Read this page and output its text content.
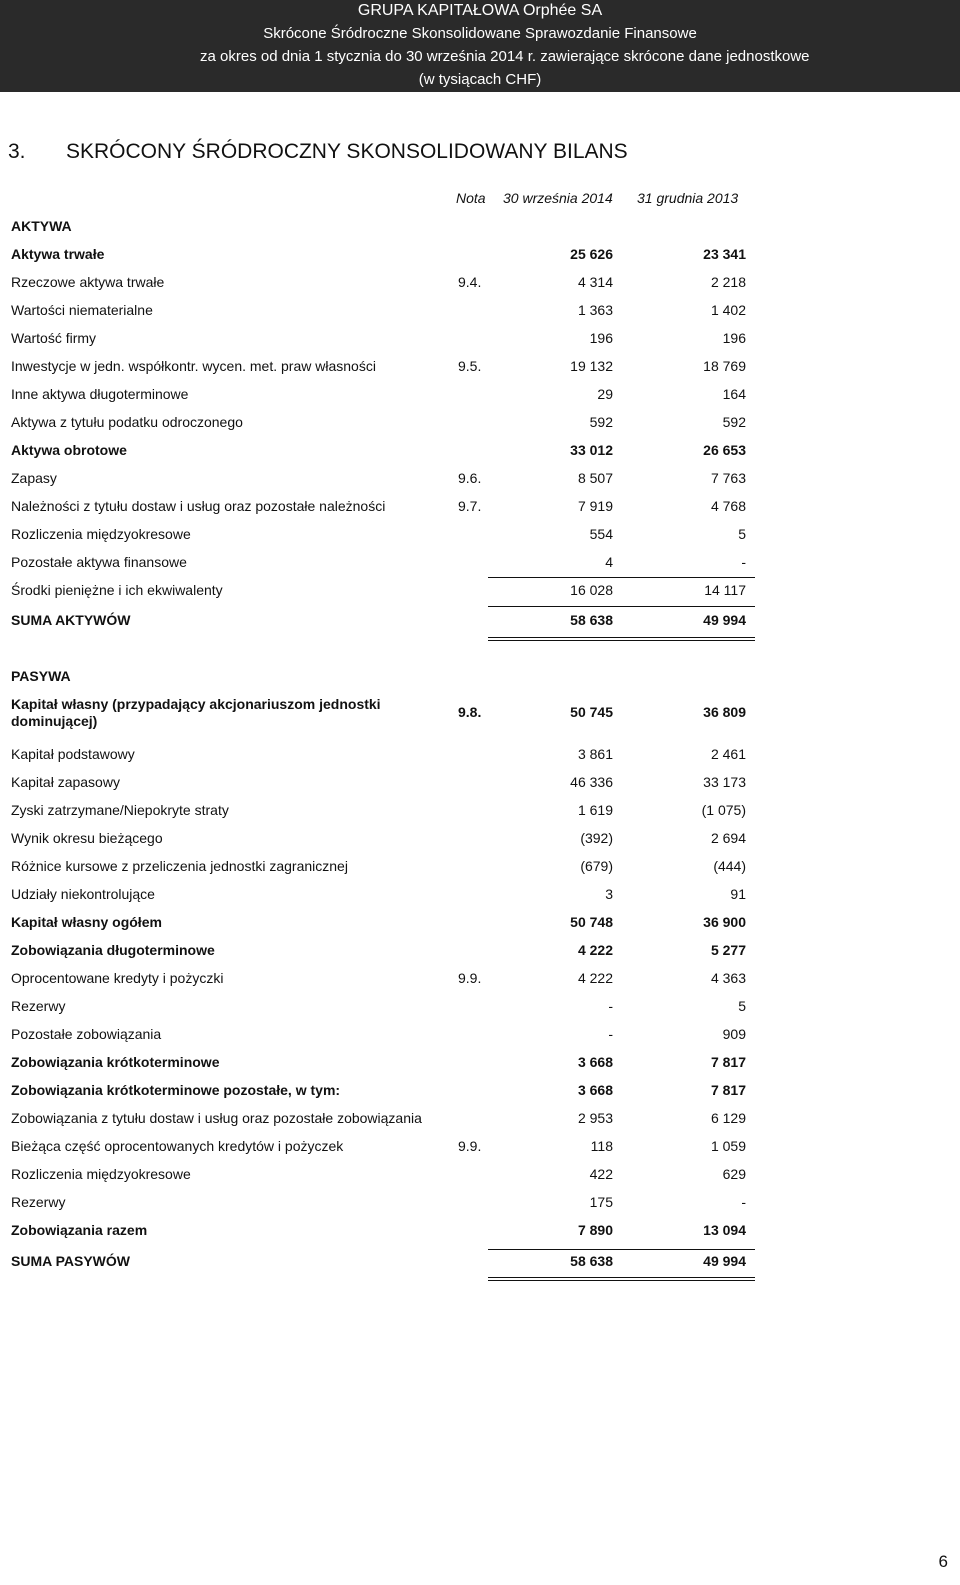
GRUPA KAPITAŁOWA Orphée SA
Skrócone Śródroczne Skonsolidowane Sprawozdanie Finansowe
za okres od dnia 1 stycznia do 30 września 2014 r. zawierające skrócone dane jednostkowe
(w tysiącach CHF)
3. SKRÓCONY ŚRÓDROCZNY SKONSOLIDOWANY BILANS
Nota 30 września 2014 31 grudnia 2013
AKTYWA
Aktywa trwałe	25 626	23 341
Rzeczowe aktywa trwałe	9.4.	4 314	2 218
Wartości niematerialne	1 363	1 402
Wartość firmy	196	196
Inwestycje w jedn. współkontr. wycen. met. praw własności	9.5.	19 132	18 769
Inne aktywa długoterminowe	29	164
Aktywa z tytułu podatku odroczonego	592	592
Aktywa obrotowe	33 012	26 653
Zapasy	9.6.	8 507	7 763
Należności z tytułu dostaw i usług oraz pozostałe należności	9.7.	7 919	4 768
Rozliczenia międzyokresowe	554	5
Pozostałe aktywa finansowe	4	-
Środki pieniężne i ich ekwiwalenty	16 028	14 117
SUMA AKTYWÓW	58 638	49 994
PASYWA
Kapitał własny (przypadający akcjonariuszom jednostki
dominującej)
9.8.	50 745	36 809
Kapitał podstawowy	3 861	2 461
Kapitał zapasowy	46 336	33 173
Zyski zatrzymane/Niepokryte straty	1 619	(1 075)
Wynik okresu bieżącego	(392)	2 694
Różnice kursowe z przeliczenia jednostki zagranicznej	(679)	(444)
Udziały niekontrolujące	3	91
Kapitał własny ogółem	50 748	36 900
Zobowiązania długoterminowe	4 222	5 277
Oprocentowane kredyty i pożyczki	9.9.	4 222	4 363
Rezerwy	-	5
Pozostałe zobowiązania	-	909
Zobowiązania krótkoterminowe	3 668	7 817
Zobowiązania krótkoterminowe pozostałe, w tym:	3 668	7 817
Zobowiązania z tytułu dostaw i usług oraz pozostałe zobowiązania	2 953	6 129
Bieżąca część oprocentowanych kredytów i pożyczek	9.9.	118	1 059
Rozliczenia międzyokresowe	422	629
Rezerwy	175	-
Zobowiązania razem	7 890	13 094
SUMA PASYWÓW	58 638	49 994
6
